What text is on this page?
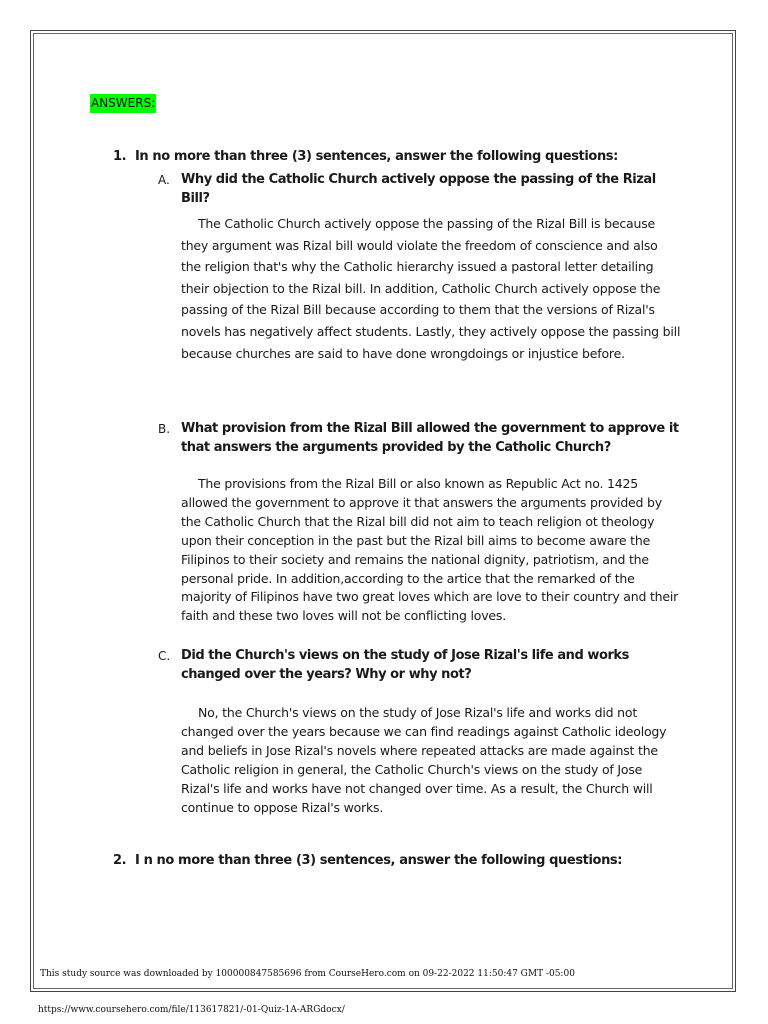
ANSWERS:
1. In no more than three (3) sentences, answer the following questions:
A. Why did the Catholic Church actively oppose the passing of the Rizal Bill?
The Catholic Church actively oppose the passing of the Rizal Bill is because they argument was Rizal bill would violate the freedom of conscience and also the religion that's why the Catholic hierarchy issued a pastoral letter detailing their objection to the Rizal bill. In addition, Catholic Church actively oppose the passing of the Rizal Bill because according to them that the versions of Rizal's novels has negatively affect students. Lastly, they actively oppose the passing bill because churches are said to have done wrongdoings or injustice before.
B. What provision from the Rizal Bill allowed the government to approve it that answers the arguments provided by the Catholic Church?
The provisions from the Rizal Bill or also known as Republic Act no. 1425 allowed the government to approve it that answers the arguments provided by the Catholic Church that the Rizal bill did not aim to teach religion ot theology upon their conception in the past but the Rizal bill aims to become aware the Filipinos to their society and remains the national dignity, patriotism, and the personal pride. In addition,according to the artice that the remarked of the majority of Filipinos have two great loves which are love to their country and their faith and these two loves will not be conflicting loves.
C. Did the Church's views on the study of Jose Rizal's life and works changed over the years? Why or why not?
No, the Church's views on the study of Jose Rizal's life and works did not changed over the years because we can find readings against Catholic ideology and beliefs in Jose Rizal's novels where repeated attacks are made against the Catholic religion in general, the Catholic Church's views on the study of Jose Rizal's life and works have not changed over time. As a result, the Church will continue to oppose Rizal's works.
2. I n no more than three (3) sentences, answer the following questions:
This study source was downloaded by 100000847585696 from CourseHero.com on 09-22-2022 11:50:47 GMT -05:00
https://www.coursehero.com/file/113617821/-01-Quiz-1A-ARGdocx/
